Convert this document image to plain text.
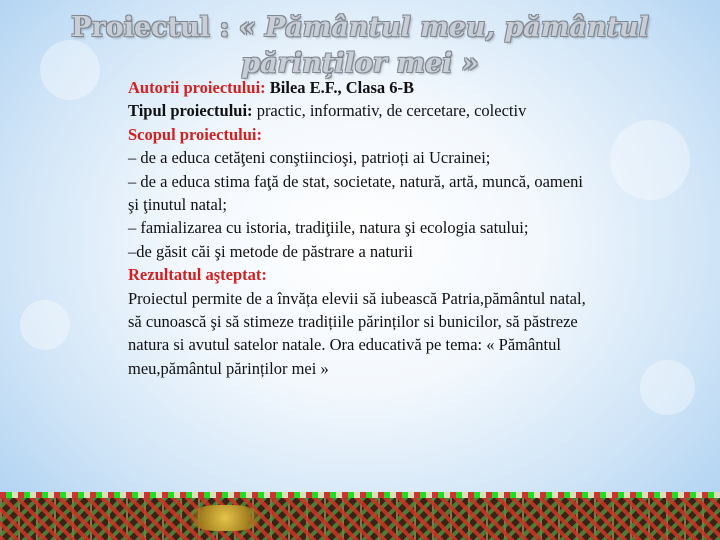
Proiectul : « Pământul meu, pământul
părinților mei »

Autorii proiectului: Bilea E.F., Clasa 6-B

Tipul proiectului: practic, informativ, de cercetare, colectiv

Scopul proiectului:

– de a educa cetăţeni conştiincioşi, patrioți ai Ucrainei;

– de a educa stima faţă de stat, societate, natură, artă, muncă, oameni şi ţinutul natal;

– famializarea cu istoria, tradiţiile, natura şi ecologia satului;

–de găsit căi şi metode de păstrare a naturii

Rezultatul aşteptat:

Proiectul permite de a învăța elevii să iubească Patria,pământul natal, să cunoască şi să stimeze tradițiile părinților si bunicilor, să păstreze natura si avutul satelor natale. Ora educativă pe tema: « Pământul meu,pământul părinților mei »
